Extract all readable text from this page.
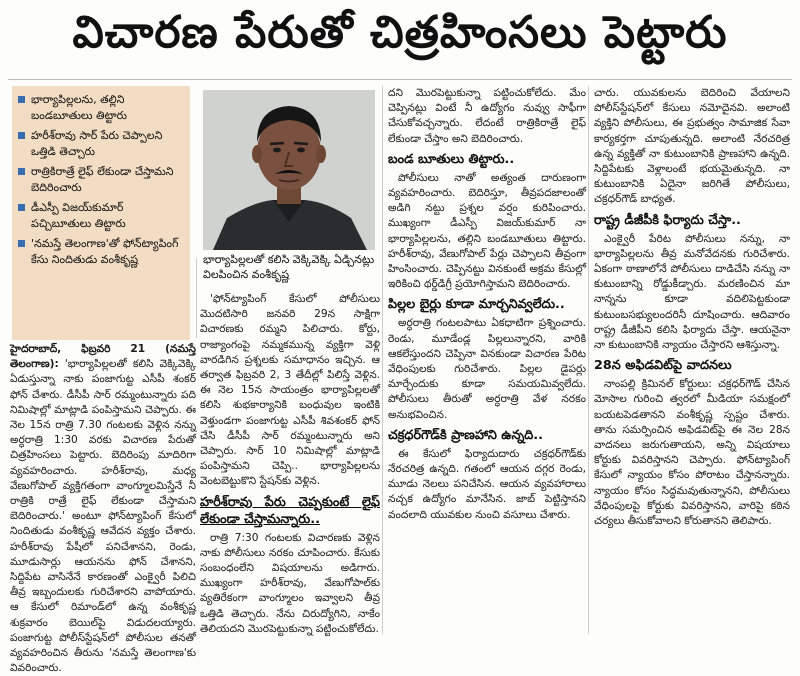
విచారణ పేరుతో చిత్రహింసలు పెట్టారు
భార్యాపిల్లలను, తల్లిని బండబూతులు తిట్టారు
హరీశ్‌రావు సార్ పేరు చెప్పాలని ఒత్తిడి తెచ్చారు
రాత్రికిరాత్రే లైఫ్ లేకుండా చేస్తామని బెదిరించారు
డీఎస్పీ విజయ్‌కుమార్ పచ్చిబూతులు తిట్టారు
'నమస్తే తెలంగాణ'తో ఫోన్‌ట్యాపింగ్ కేసు నిందితుడు వంశీకృష్ణ	భార్యాపిల్లలతో కలిసి వెక్కివెక్కి ఏడ్చినట్లు విలపించిన వంశీకృష్ణ

హైదరాబాద్, ఫిబ్రవరి 21 (నమస్తే తెలంగాణ): 'భార్యాపిల్లలతో కలిసి వెక్కివెక్కి ఏడుస్తున్నా నాకు పంజాగుట్ట ఎసీపీ శంకర్ ఫోన్ చేశారు. డీసీపీ సార్ రమ్మంటున్నారు పది నిమిషాల్లో మాట్లాడి పంపిస్తామని చెప్పారు. ఈ నెల 15న రాత్రి 7.30 గంటలకు వెళ్లిన నన్ను అర్ధరాత్రి 1:30 వరకు విచారణ పేరుతో చిత్రహింసలు పెట్టారు. బెదిరింపు మాదిరిగా వ్యవహరించారు. హరీశ్‌రావు, మధ్య వేణుగోపాల్ వ్యక్తిగతంగా వాంగ్మూలమిస్తేనే నీ రాత్రికి రాత్రే లైఫ్ లేకుండా చేస్తామని బెదిరించారు.' అంటూ ఫోన్‌ట్యాపింగ్ కేసులో నిందితుడు వంశీకృష్ణ ఆవేదన వ్యక్తం చేశారు. హరీశ్‌రావు పేషీలో పనిచేశానని, రెండు, మూడుసార్లు ఆయనను ఫోన్ చేశానని, సిద్దిపేట వాసినేనే కారణంతో ఎంక్వైరీ పిలిచి తీవ్ర ఇబ్బందులకు గురిచేశారని వాపోయారు. ఆ కేసులో రిమాండ్‌లో ఉన్న వంశీకృష్ణ శుక్రవారం బెయిల్‌పై విడుదలయ్యారు. పంజాగుట్ట పోలీస్‌స్టేషన్‌లో పోలీసుల తనతో వ్యవహరించిన తీరును 'నమస్తే తెలంగాణ'కు వివరించారు.

'ఫోన్‌ట్యాపింగ్ కేసులో పోలీసులు మొదటిసారి జనవరి 29న సాక్షిగా విచారణకు రమ్మని పిలిచారు. కోర్టు, రాజ్యాంగంపై నమ్మకమున్న వ్యక్తిగా వెళ్లి వారడిగిన ప్రశ్నలకు సమాధానం ఇచ్చిన. ఆ తర్వాత ఫిబ్రవరి 2, 3 తేదీల్లో పిలిస్తే వెళ్లిన. ఈ నెల 15న సాయంత్రం భార్యాపిల్లలతో కలిసి శుభకార్యానికి బంధువుల ఇంటికి వెళ్తుండగా పంజాగుట్ట ఎసీపీ శివశంకర్ ఫోన్ చేసి డీసీపీ సార్ రమ్మంటున్నారు అని చెప్పారు. సార్ 10 నిమిషాల్లో మాట్లాడి పంపిస్తామని చెప్పి.. భార్యాపిల్లలను వెంటబెట్టుకొని స్టేషన్‌కు వెళ్లిన.

హరీశ్‌రావు పేరు చెప్పకుంటే లైఫ్ లేకుండా చేస్తామన్నారు..

రాత్రి 7:30 గంటలకు విచారణకు వెళ్లిన నాకు పోలీసులు నరకం చూపించారు. కేసుకు సంబంధంలేని విషయాలను అడిగారు. ముఖ్యంగా హరీశ్‌రావు, వేణుగోపాల్‌కు వ్యతిరేకంగా వాంగ్మూలం ఇవ్వాలని తీవ్ర ఒత్తిడి తెచ్చారు. నేను చిరుద్యోగిని, నాకేం తెలియదని మొరపెట్టుకున్నా పట్టించుకోలేదు.

దని మొరపెట్టుకున్నా పట్టించుకోలేదు. మేం చెప్పినట్లు వింటే నీ ఉద్యోగం నువ్వు సాఫీగా చేసుకోవచ్చన్నారు. లేదంటే రాత్రికిరాత్రే లైఫ్ లేకుండా చేస్తాం అని బెదిరించారు.

బండ బూతులు తిట్టారు..

పోలీసులు నాతో అత్యంత దారుణంగా వ్యవహరించారు. బెదిరిస్తూ, తీవ్రపదజాలంతో అడిగి నట్టు ప్రశ్నల వర్షం కురిపించారు. ముఖ్యంగా డీఎస్పీ విజయ్‌కుమార్ నా భార్యాపిల్లలను, తల్లిని బండబూతులు తిట్టారు. హరీశ్‌రావు, వేణుగోపాల్ పేర్లు చెప్పాలని తీవ్రంగా హింసించారు. చెప్పినట్టు వినకుంటే అక్రమ కేసుల్లో ఇరికించి థర్డ్‌డిగ్రీ ప్రయోగిస్తామని బెదిరించారు.

పిల్లల బైర్లు కూడా మార్చనివ్వలేదు..

అర్ధరాత్రి గంటలపాటు ఏకధాటిగా ప్రశ్నించారు. రెండు, మూడేండ్ల పిల్లలున్నారని, వారికి ఆకలేస్తుందని చెప్పినా వినకుండా విచారణ పేరిట వేధింపులకు గురిచేశారు. పిల్లల డైపర్లు మార్చేందుకు కూడా సమయమివ్వలేదు. పోలీసులు తీరుతో అర్ధరాత్రి వేళ నరకం అనుభవించిన.

చక్రధర్‌గౌడ్‌కి ప్రాణహాని ఉన్నది..

ఈ కేసులో ఫిర్యాదుదారు చక్రధర్‌గౌడ్‌కు నేరచరిత్ర ఉన్నది. గతంలో ఆయన దగ్గర రెండు, మూడు నెలలు పనిచేసిన. ఆయన వ్యవహారాలు నచ్చక ఉద్యోగం మానేసిన. జాబ్ పెట్టిస్తానని వందలాది యువకుల నుంచి వసూలు చేశారు.

చారు. యువకులను బెదిరించి వేయాలని పోలీస్‌స్టేషన్‌లో కేసులు నమోదైనవి. అలాంటి వ్యక్తిని పోలీసులు, ఈ ప్రభుత్వం సామాజిక సేవా కార్యకర్తగా చూపుతున్నది. అలాంటి నేరచరిత్ర ఉన్న వ్యక్తితో నా కుటుంబానికి ప్రాణహాని ఉన్నది. సిద్దిపేటకు వెళ్లాలంటే భయమైతున్నది. నా కుటుంబానికి ఏదైనా జరిగితే పోలీసులు, చక్రధర్‌గౌడ్ బాధ్యత.

రాష్ట్ర డీజీపీకి ఫిర్యాదు చేస్తా..

ఎంక్వైరీ పేరిట పోలీసులు నన్ను, నా భార్యాపిల్లలను తీవ్ర మనోవేదనకు గురిచేశారు. ఏకంగా ఠాణాలోనే పోలీసులు దాడిచేసి నన్ను నా కుటుంబాన్ని రోడ్డుకీడ్చారు. మరణించిన మా నాన్నను కూడా వదిలిపెట్టకుండా కుటుంబసభ్యులందరినీ దూషించారు. ఆదివారం రాష్ట్ర డీజీపీని కలిసి ఫిర్యాదు చేస్తా. ఆయనైనా నా కుటుంబానికి న్యాయం చేస్తారని ఆశిస్తున్నా.

28న అఫిడవిట్‌పై వాదనలు

నాంపల్లి క్రిమినల్ కోర్టులు: చక్రధర్‌గౌడ్ చేసిన మోసాల గురించి త్వరలో మీడియా సమక్షంలో బయటపెడతానని వంశీకృష్ణ స్పష్టం చేశారు. తాను సమర్పించిన అఫిడవిట్‌పై ఈ నెల 28న వాదనలు జరుగుతాయని, అన్ని విషయాలు కోర్టుకు వివరిస్తానని చెప్పారు. ఫోన్‌ట్యాపింగ్ కేసులో న్యాయం కోసం పోరాటం చేస్తానన్నారు. న్యాయం కోసం సిద్ధమవుతున్నానని, పోలీసులు వేధింపులపై కోర్టుకు వివరిస్తానని, వారిపై కఠిన చర్యలు తీసుకోవాలని కోరుతానని తెలిపారు.
